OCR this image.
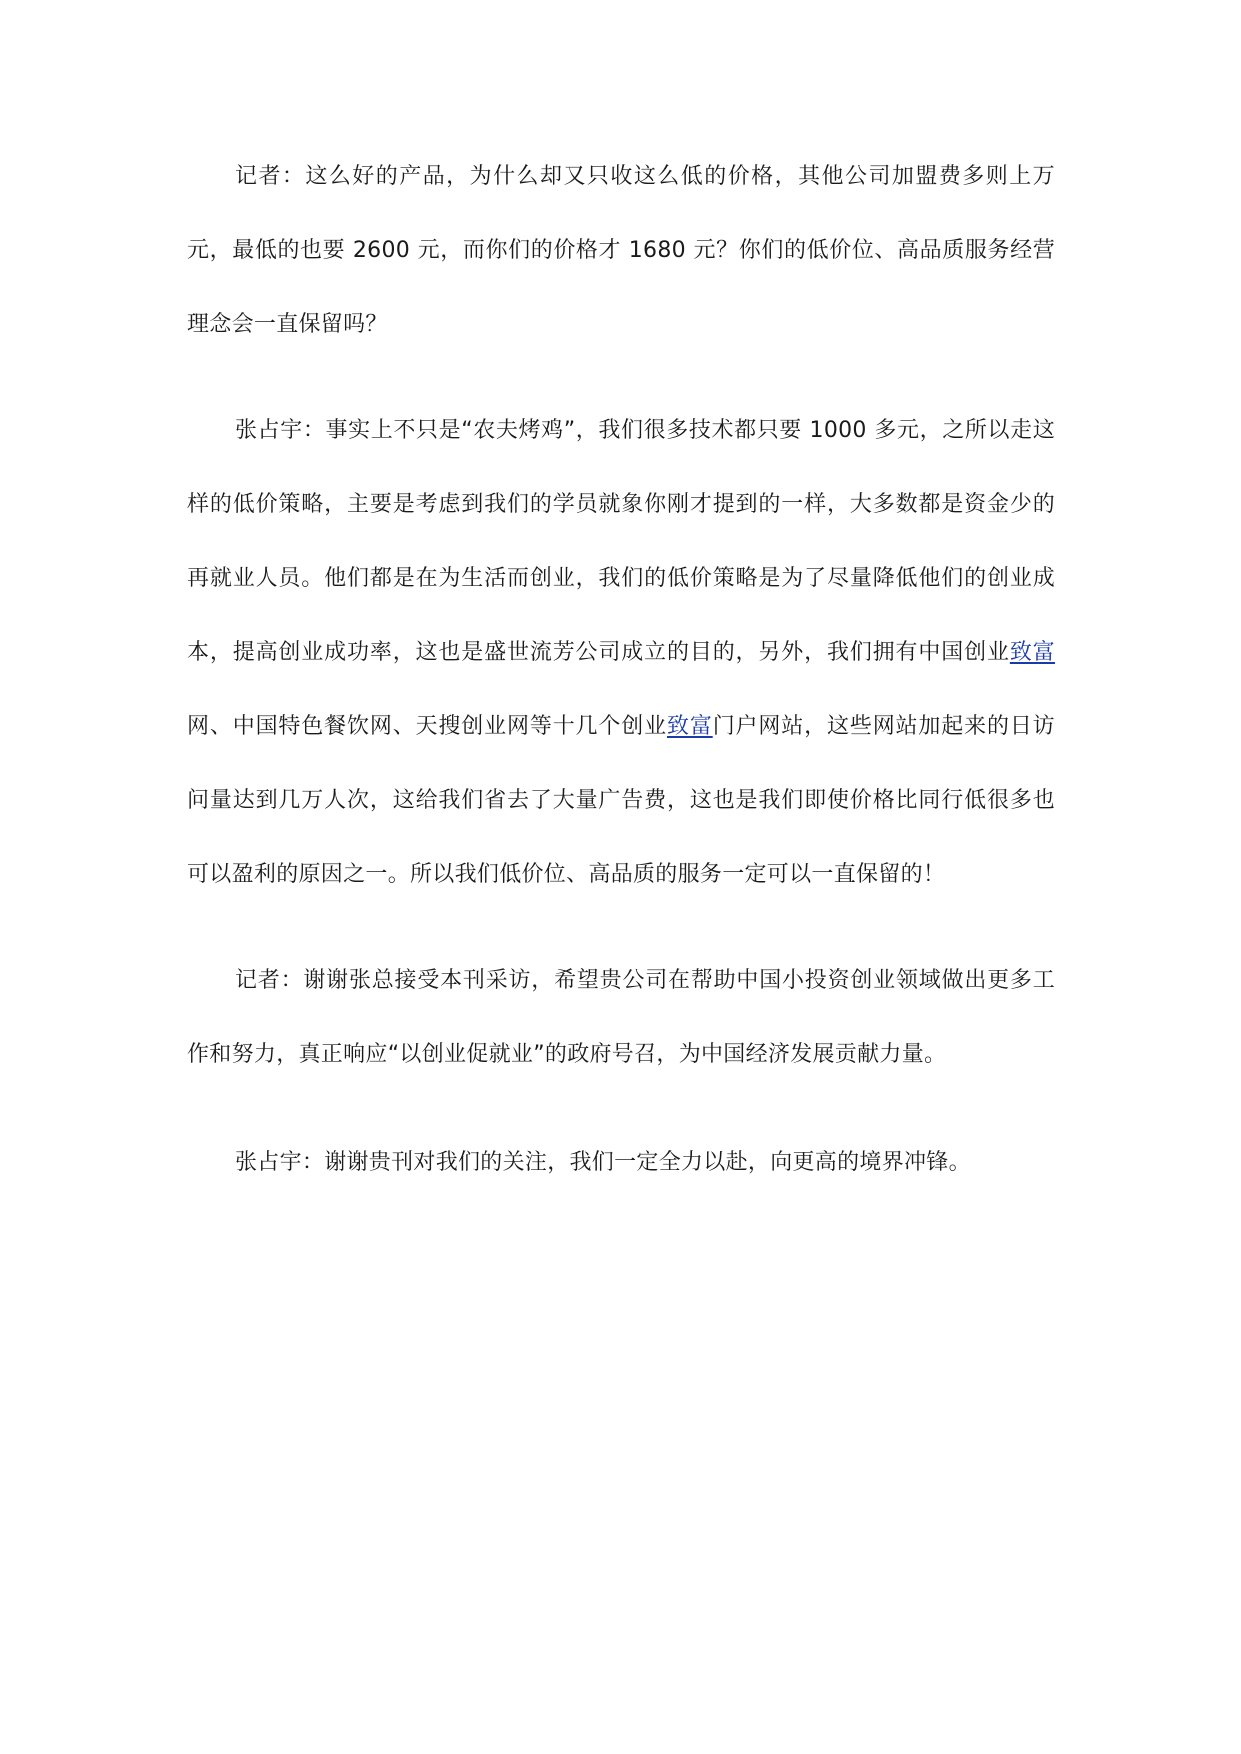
记者：这么好的产品，为什么却又只收这么低的价格，其他公司加盟费多则上万元，最低的也要 2600 元，而你们的价格才 1680 元？你们的低价位、高品质服务经营理念会一直保留吗？

张占宇：事实上不只是“农夫烤鸡”，我们很多技术都只要 1000 多元，之所以走这样的低价策略，主要是考虑到我们的学员就象你刚才提到的一样，大多数都是资金少的再就业人员。他们都是在为生活而创业，我们的低价策略是为了尽量降低他们的创业成本，提高创业成功率，这也是盛世流芳公司成立的目的，另外，我们拥有中国创业致富网、中国特色餐饮网、天搜创业网等十几个创业致富门户网站，这些网站加起来的日访问量达到几万人次，这给我们省去了大量广告费，这也是我们即使价格比同行低很多也可以盈利的原因之一。所以我们低价位、高品质的服务一定可以一直保留的！

记者：谢谢张总接受本刊采访，希望贵公司在帮助中国小投资创业领域做出更多工作和努力，真正响应“以创业促就业”的政府号召，为中国经济发展贡献力量。

张占宇：谢谢贵刊对我们的关注，我们一定全力以赴，向更高的境界冲锋。
